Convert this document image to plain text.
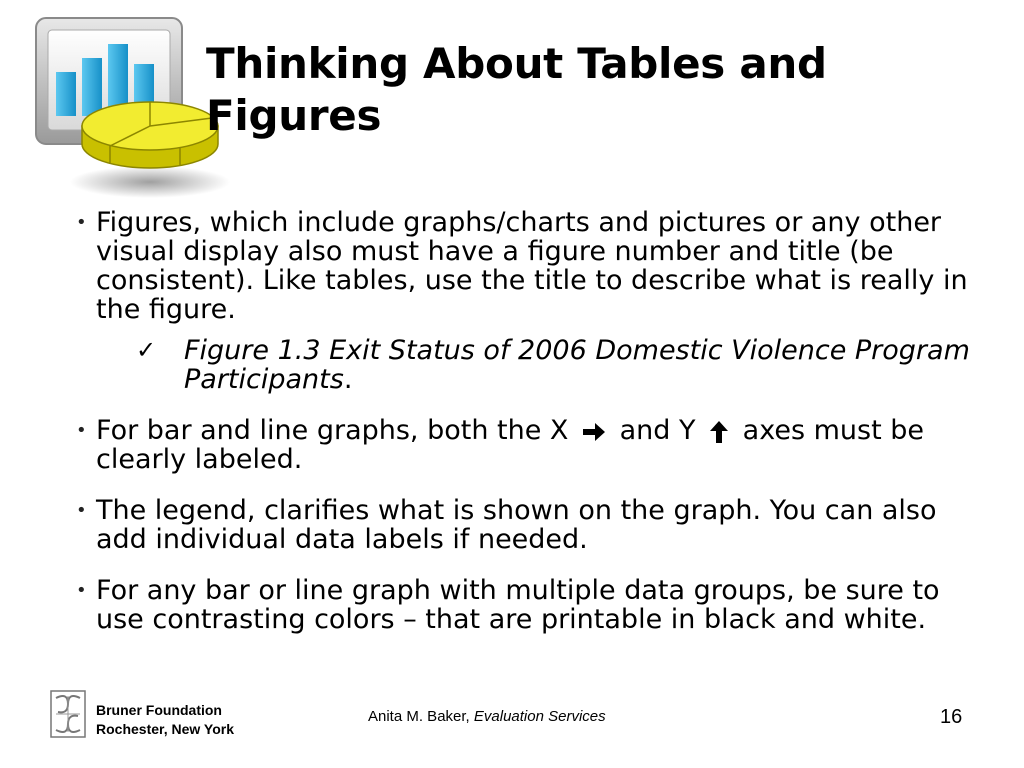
Thinking About Tables and Figures
• Figures, which include graphs/charts and pictures or any other visual display also must have a figure number and title (be consistent). Like tables, use the title to describe what is really in the figure.
✓ Figure 1.3 Exit Status of 2006 Domestic Violence Program Participants.
• For bar and line graphs, both the X and Y axes must be clearly labeled.
• The legend, clarifies what is shown on the graph. You can also add individual data labels if needed.
• For any bar or line graph with multiple data groups, be sure to use contrasting colors – that are printable in black and white.
Bruner Foundation
Rochester, New York
Anita M. Baker, Evaluation Services	16
